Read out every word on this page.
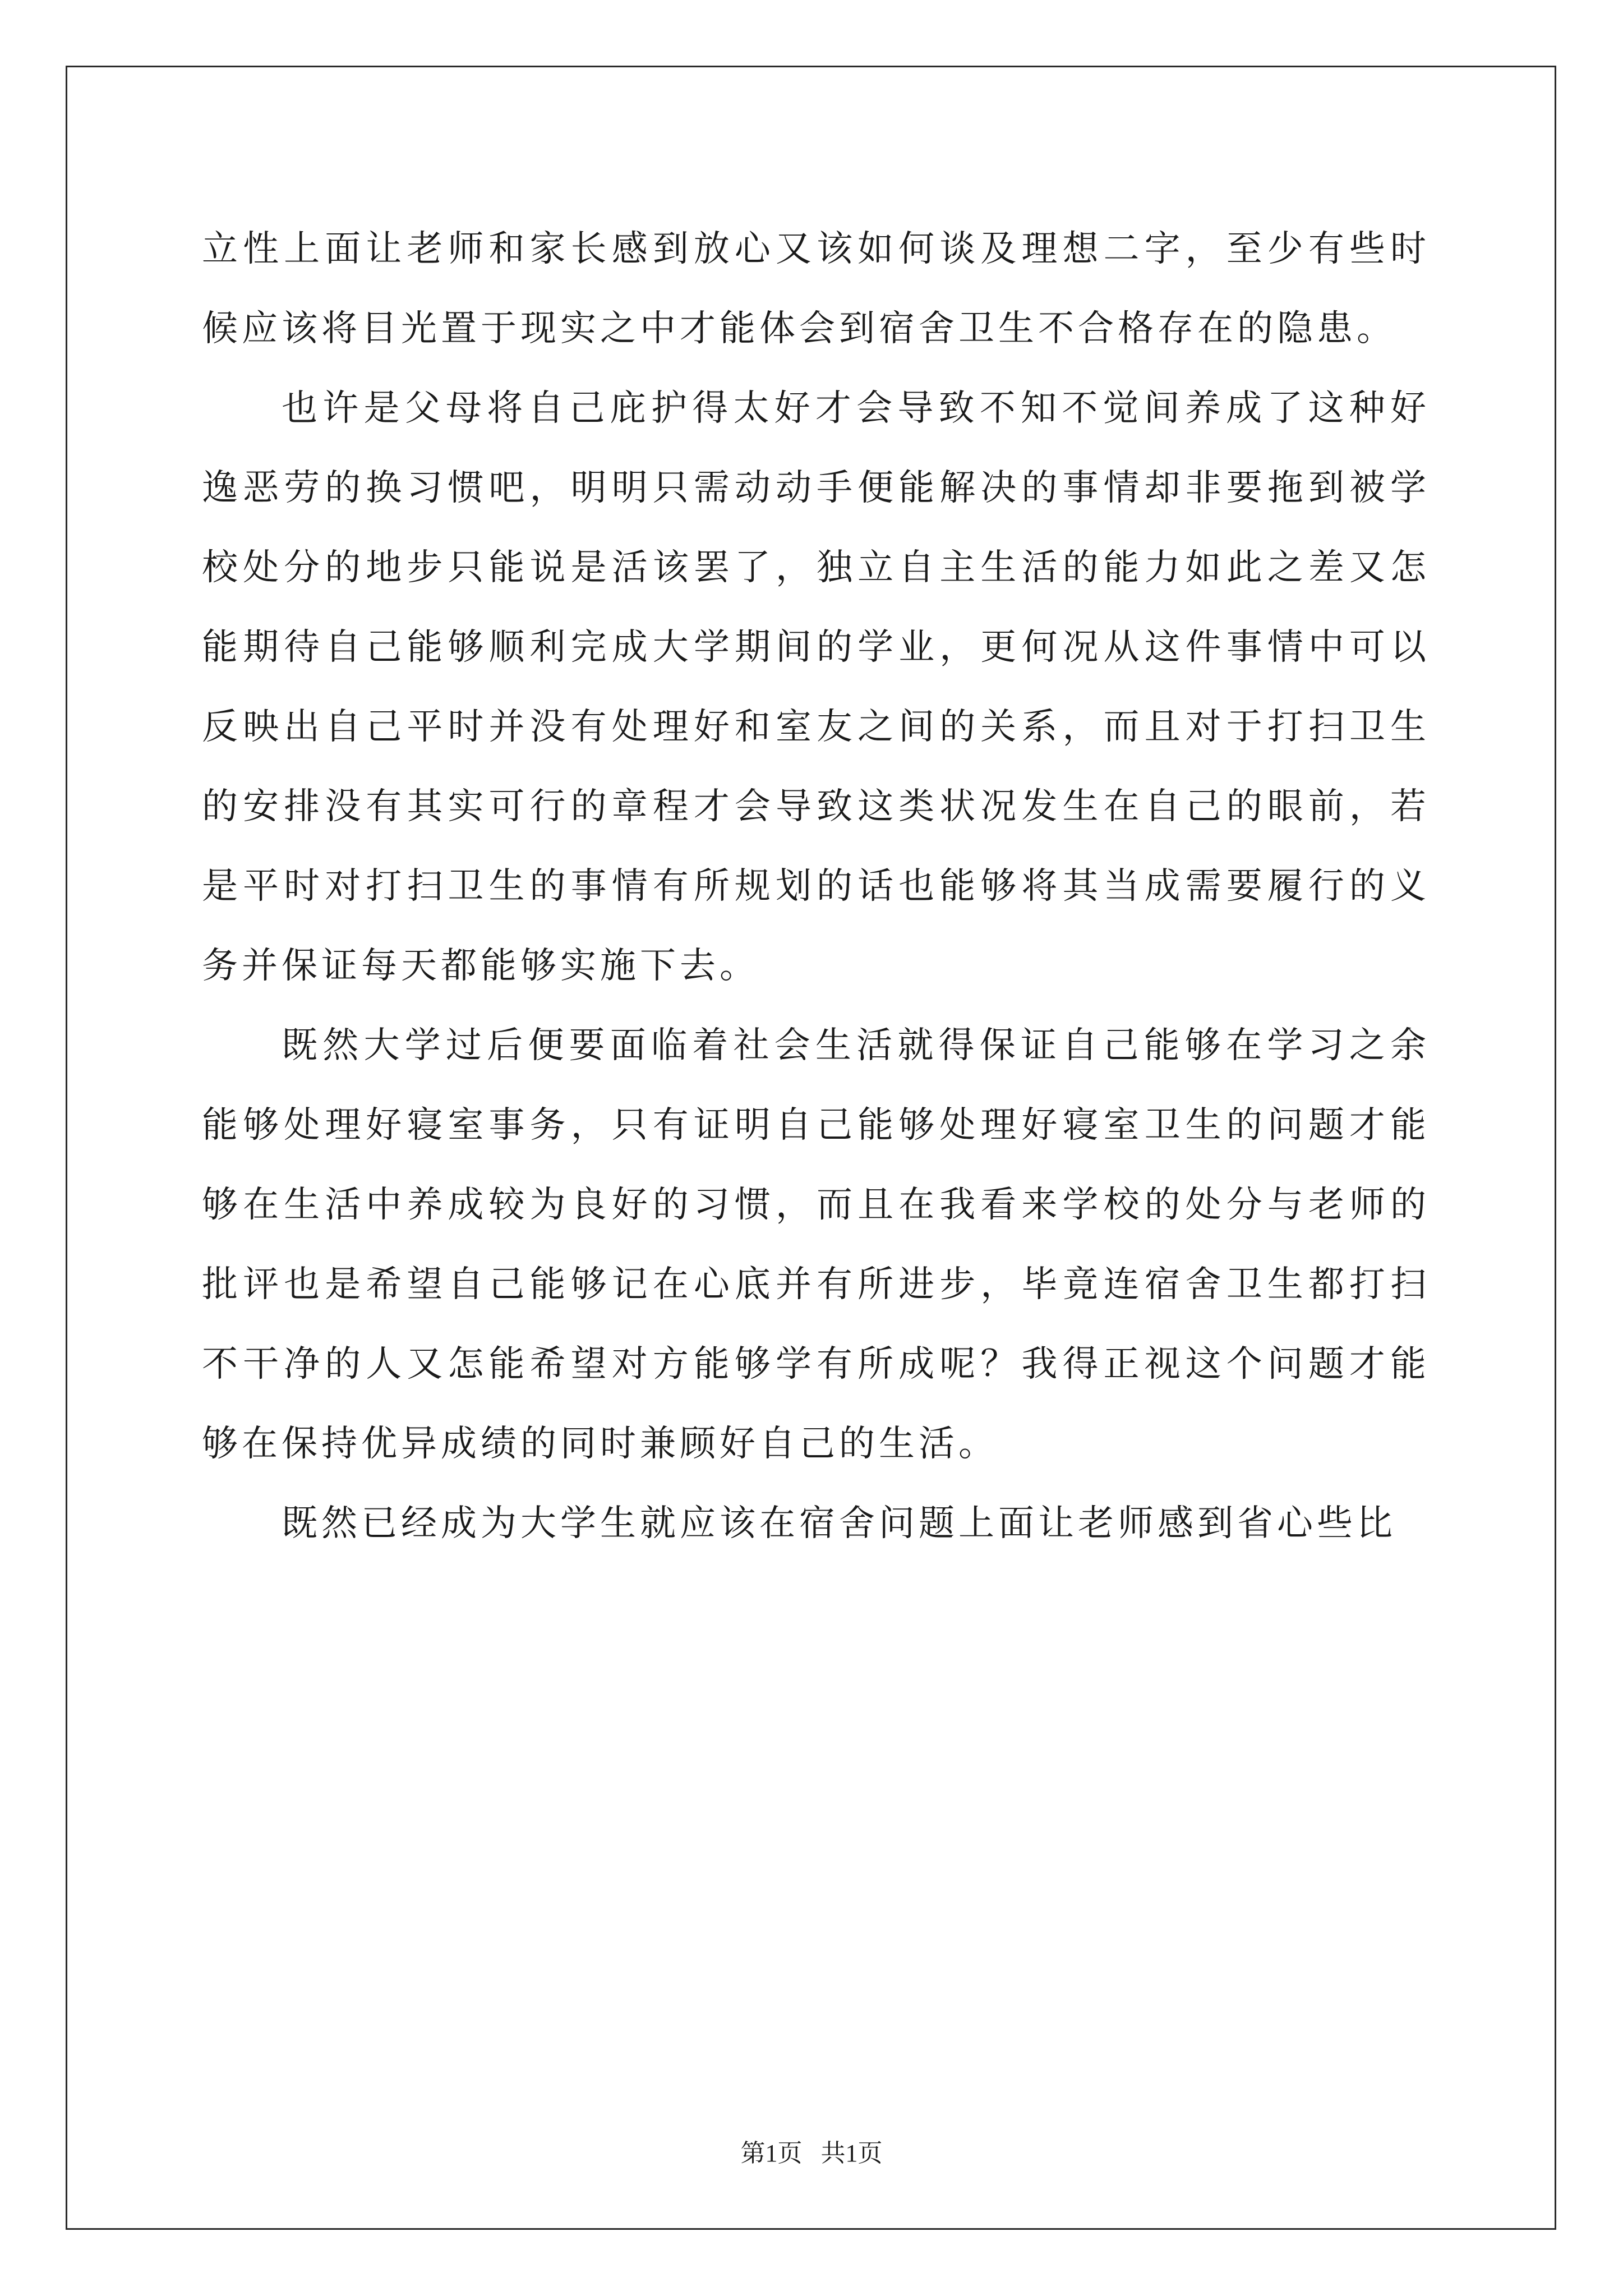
立性上面让老师和家长感到放心又该如何谈及理想二字，至少有些时候应该将目光置于现实之中才能体会到宿舍卫生不合格存在的隐患。

也许是父母将自己庇护得太好才会导致不知不觉间养成了这种好逸恶劳的换习惯吧，明明只需动动手便能解决的事情却非要拖到被学校处分的地步只能说是活该罢了，独立自主生活的能力如此之差又怎能期待自己能够顺利完成大学期间的学业，更何况从这件事情中可以反映出自己平时并没有处理好和室友之间的关系，而且对于打扫卫生的安排没有其实可行的章程才会导致这类状况发生在自己的眼前，若是平时对打扫卫生的事情有所规划的话也能够将其当成需要履行的义务并保证每天都能够实施下去。

既然大学过后便要面临着社会生活就得保证自己能够在学习之余能够处理好寝室事务，只有证明自己能够处理好寝室卫生的问题才能够在生活中养成较为良好的习惯，而且在我看来学校的处分与老师的批评也是希望自己能够记在心底并有所进步，毕竟连宿舍卫生都打扫不干净的人又怎能希望对方能够学有所成呢？我得正视这个问题才能够在保持优异成绩的同时兼顾好自己的生活。

既然已经成为大学生就应该在宿舍问题上面让老师感到省心些比

第1页   共1页
